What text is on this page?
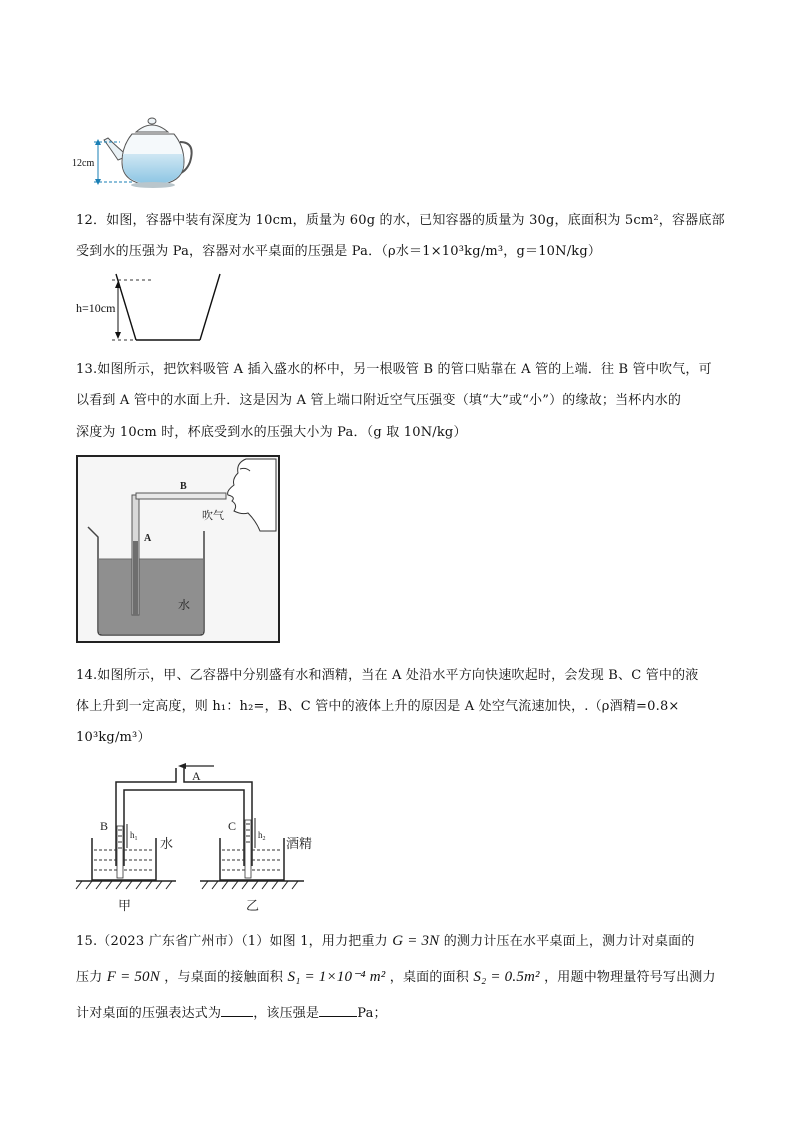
12cm
12．如图，容器中装有深度为 10cm，质量为 60g 的水，已知容器的质量为 30g，底面积为 5cm²，容器底部
受到水的压强为 Pa，容器对水平桌面的压强是 Pa．（ρ水＝1×10³kg/m³，g＝10N/kg）
h=10cm
13.如图所示，把饮料吸管 A 插入盛水的杯中，另一根吸管 B 的管口贴靠在 A 管的上端．往 B 管中吹气，可
以看到 A 管中的水面上升．这是因为 A 管上端口附近空气压强变（填“大”或“小”）的缘故；当杯内水的
深度为 10cm 时，杯底受到水的压强大小为 Pa．（g 取 10N/kg）
B
A
吹气
水
14.如图所示，甲、乙容器中分别盛有水和酒精，当在 A 处沿水平方向快速吹起时，会发现 B、C 管中的液
体上升到一定高度，则 h₁：h₂=，B、C 管中的液体上升的原因是 A 处空气流速加快，.（ρ酒精=0.8×
10³kg/m³）
A
B
$h_1$ 水
C
$h_2$ 酒精
甲	乙
15.（2023 广东省广州市）（1）如图 1，用力把重力 G = 3N 的测力计压在水平桌面上，测力计对桌面的
压力 F = 50N ，与桌面的接触面积 S₁ = 1×10⁻⁴ m² ，桌面的面积 S₂ = 0.5m² ，用题中物理量符号写出测力
计对桌面的压强表达式为 ，该压强是	Pa；
